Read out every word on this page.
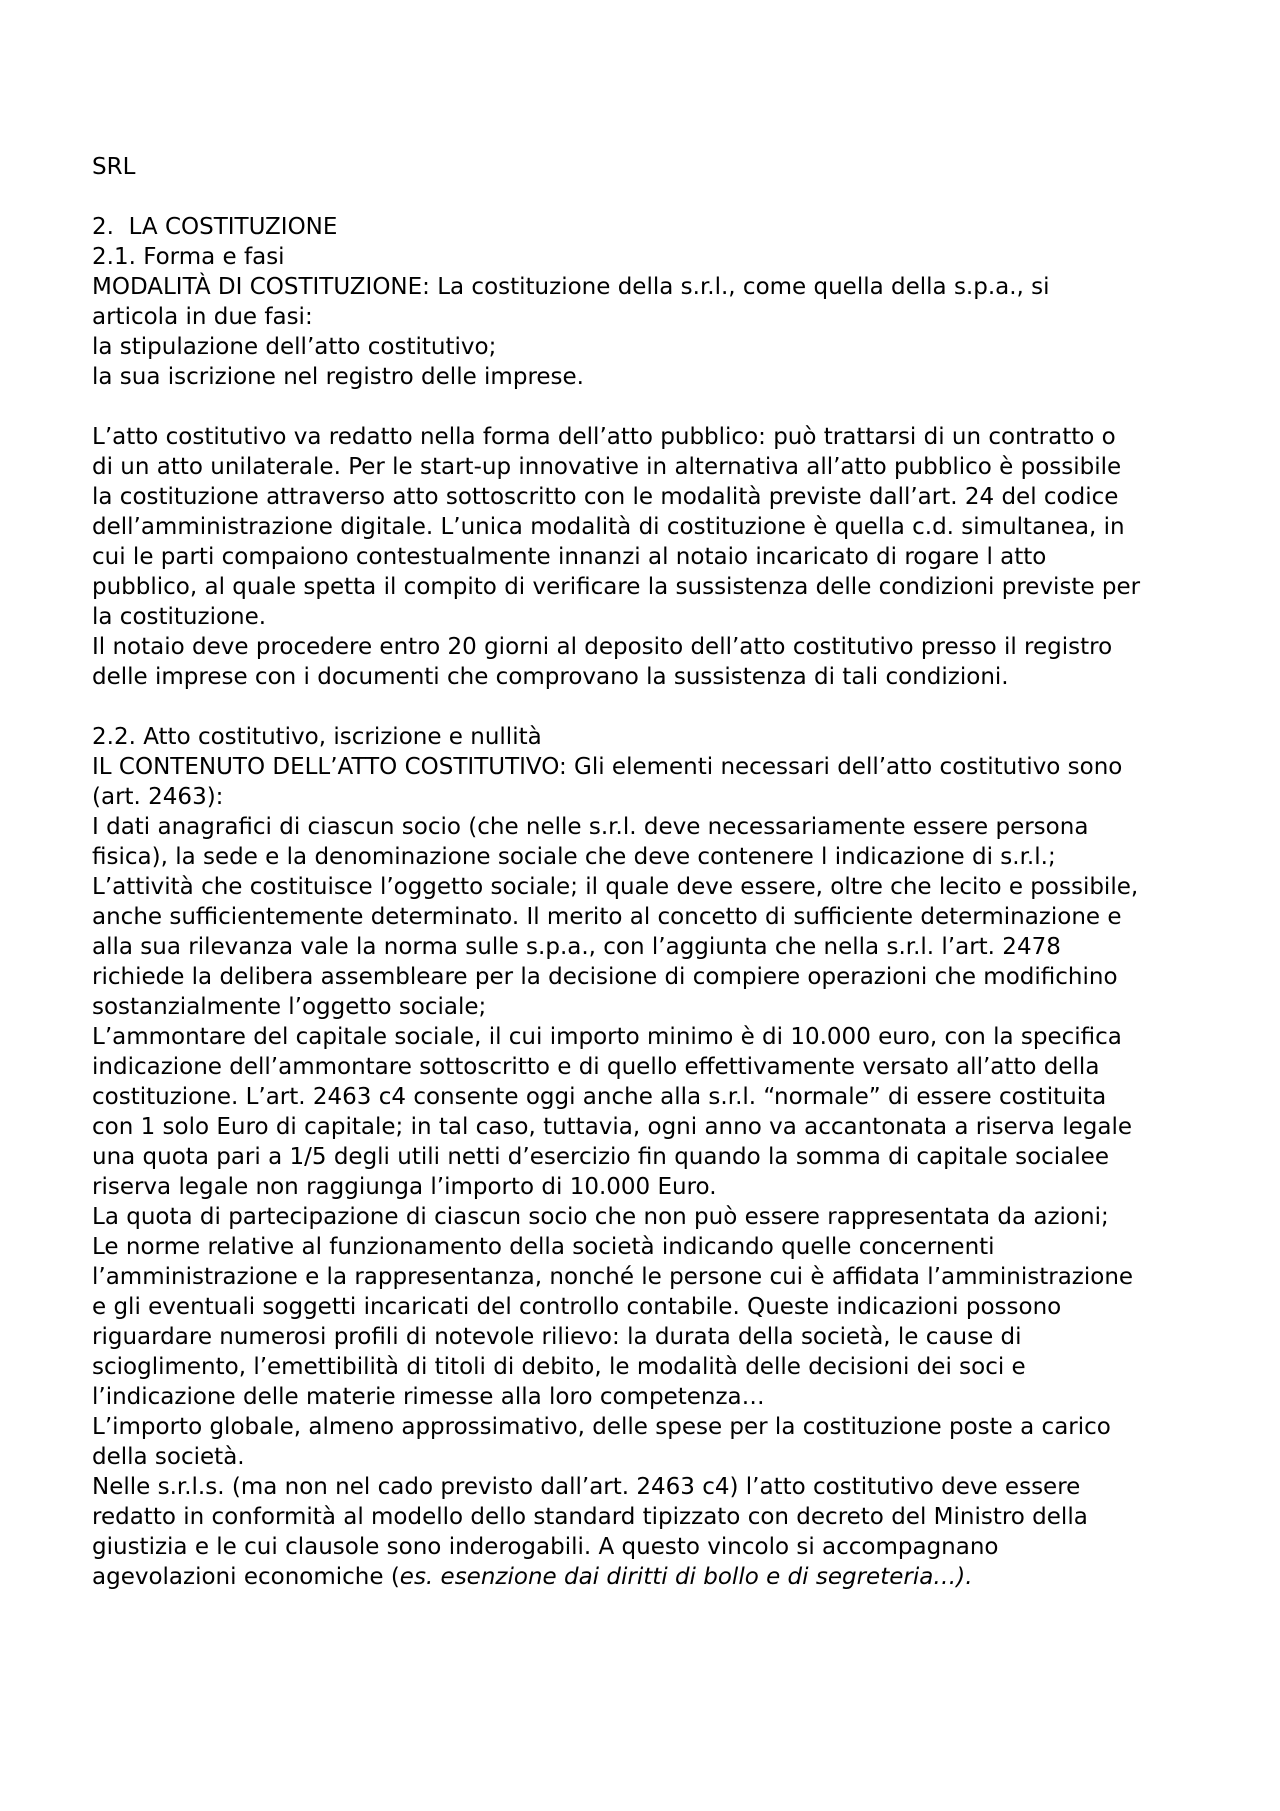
SRL
2.  LA COSTITUZIONE
2.1. Forma e fasi
MODALITÀ DI COSTITUZIONE: La costituzione della s.r.l., come quella della s.p.a., si
articola in due fasi:
la stipulazione dell’atto costitutivo;
la sua iscrizione nel registro delle imprese.
L’atto costitutivo va redatto nella forma dell’atto pubblico: può trattarsi di un contratto o
di un atto unilaterale. Per le start-up innovative in alternativa all’atto pubblico è possibile
la costituzione attraverso atto sottoscritto con le modalità previste dall’art. 24 del codice
dell’amministrazione digitale. L’unica modalità di costituzione è quella c.d. simultanea, in
cui le parti compaiono contestualmente innanzi al notaio incaricato di rogare l atto
pubblico, al quale spetta il compito di verificare la sussistenza delle condizioni previste per
la costituzione.
Il notaio deve procedere entro 20 giorni al deposito dell’atto costitutivo presso il registro
delle imprese con i documenti che comprovano la sussistenza di tali condizioni.
2.2. Atto costitutivo, iscrizione e nullità
IL CONTENUTO DELL’ATTO COSTITUTIVO: Gli elementi necessari dell’atto costitutivo sono
(art. 2463):
I dati anagrafici di ciascun socio (che nelle s.r.l. deve necessariamente essere persona
fisica), la sede e la denominazione sociale che deve contenere l indicazione di s.r.l.;
L’attività che costituisce l’oggetto sociale; il quale deve essere, oltre che lecito e possibile,
anche sufficientemente determinato. Il merito al concetto di sufficiente determinazione e
alla sua rilevanza vale la norma sulle s.p.a., con l’aggiunta che nella s.r.l. l’art. 2478
richiede la delibera assembleare per la decisione di compiere operazioni che modifichino
sostanzialmente l’oggetto sociale;
L’ammontare del capitale sociale, il cui importo minimo è di 10.000 euro, con la specifica
indicazione dell’ammontare sottoscritto e di quello effettivamente versato all’atto della
costituzione. L’art. 2463 c4 consente oggi anche alla s.r.l. “normale” di essere costituita
con 1 solo Euro di capitale; in tal caso, tuttavia, ogni anno va accantonata a riserva legale
una quota pari a 1/5 degli utili netti d’esercizio fin quando la somma di capitale socialee
riserva legale non raggiunga l’importo di 10.000 Euro.
La quota di partecipazione di ciascun socio che non può essere rappresentata da azioni;
Le norme relative al funzionamento della società indicando quelle concernenti
l’amministrazione e la rappresentanza, nonché le persone cui è affidata l’amministrazione
e gli eventuali soggetti incaricati del controllo contabile. Queste indicazioni possono
riguardare numerosi profili di notevole rilievo: la durata della società, le cause di
scioglimento, l’emettibilità di titoli di debito, le modalità delle decisioni dei soci e
l’indicazione delle materie rimesse alla loro competenza…
L’importo globale, almeno approssimativo, delle spese per la costituzione poste a carico
della società.
Nelle s.r.l.s. (ma non nel cado previsto dall’art. 2463 c4) l’atto costitutivo deve essere
redatto in conformità al modello dello standard tipizzato con decreto del Ministro della
giustizia e le cui clausole sono inderogabili. A questo vincolo si accompagnano
agevolazioni economiche (es. esenzione dai diritti di bollo e di segreteria…).
